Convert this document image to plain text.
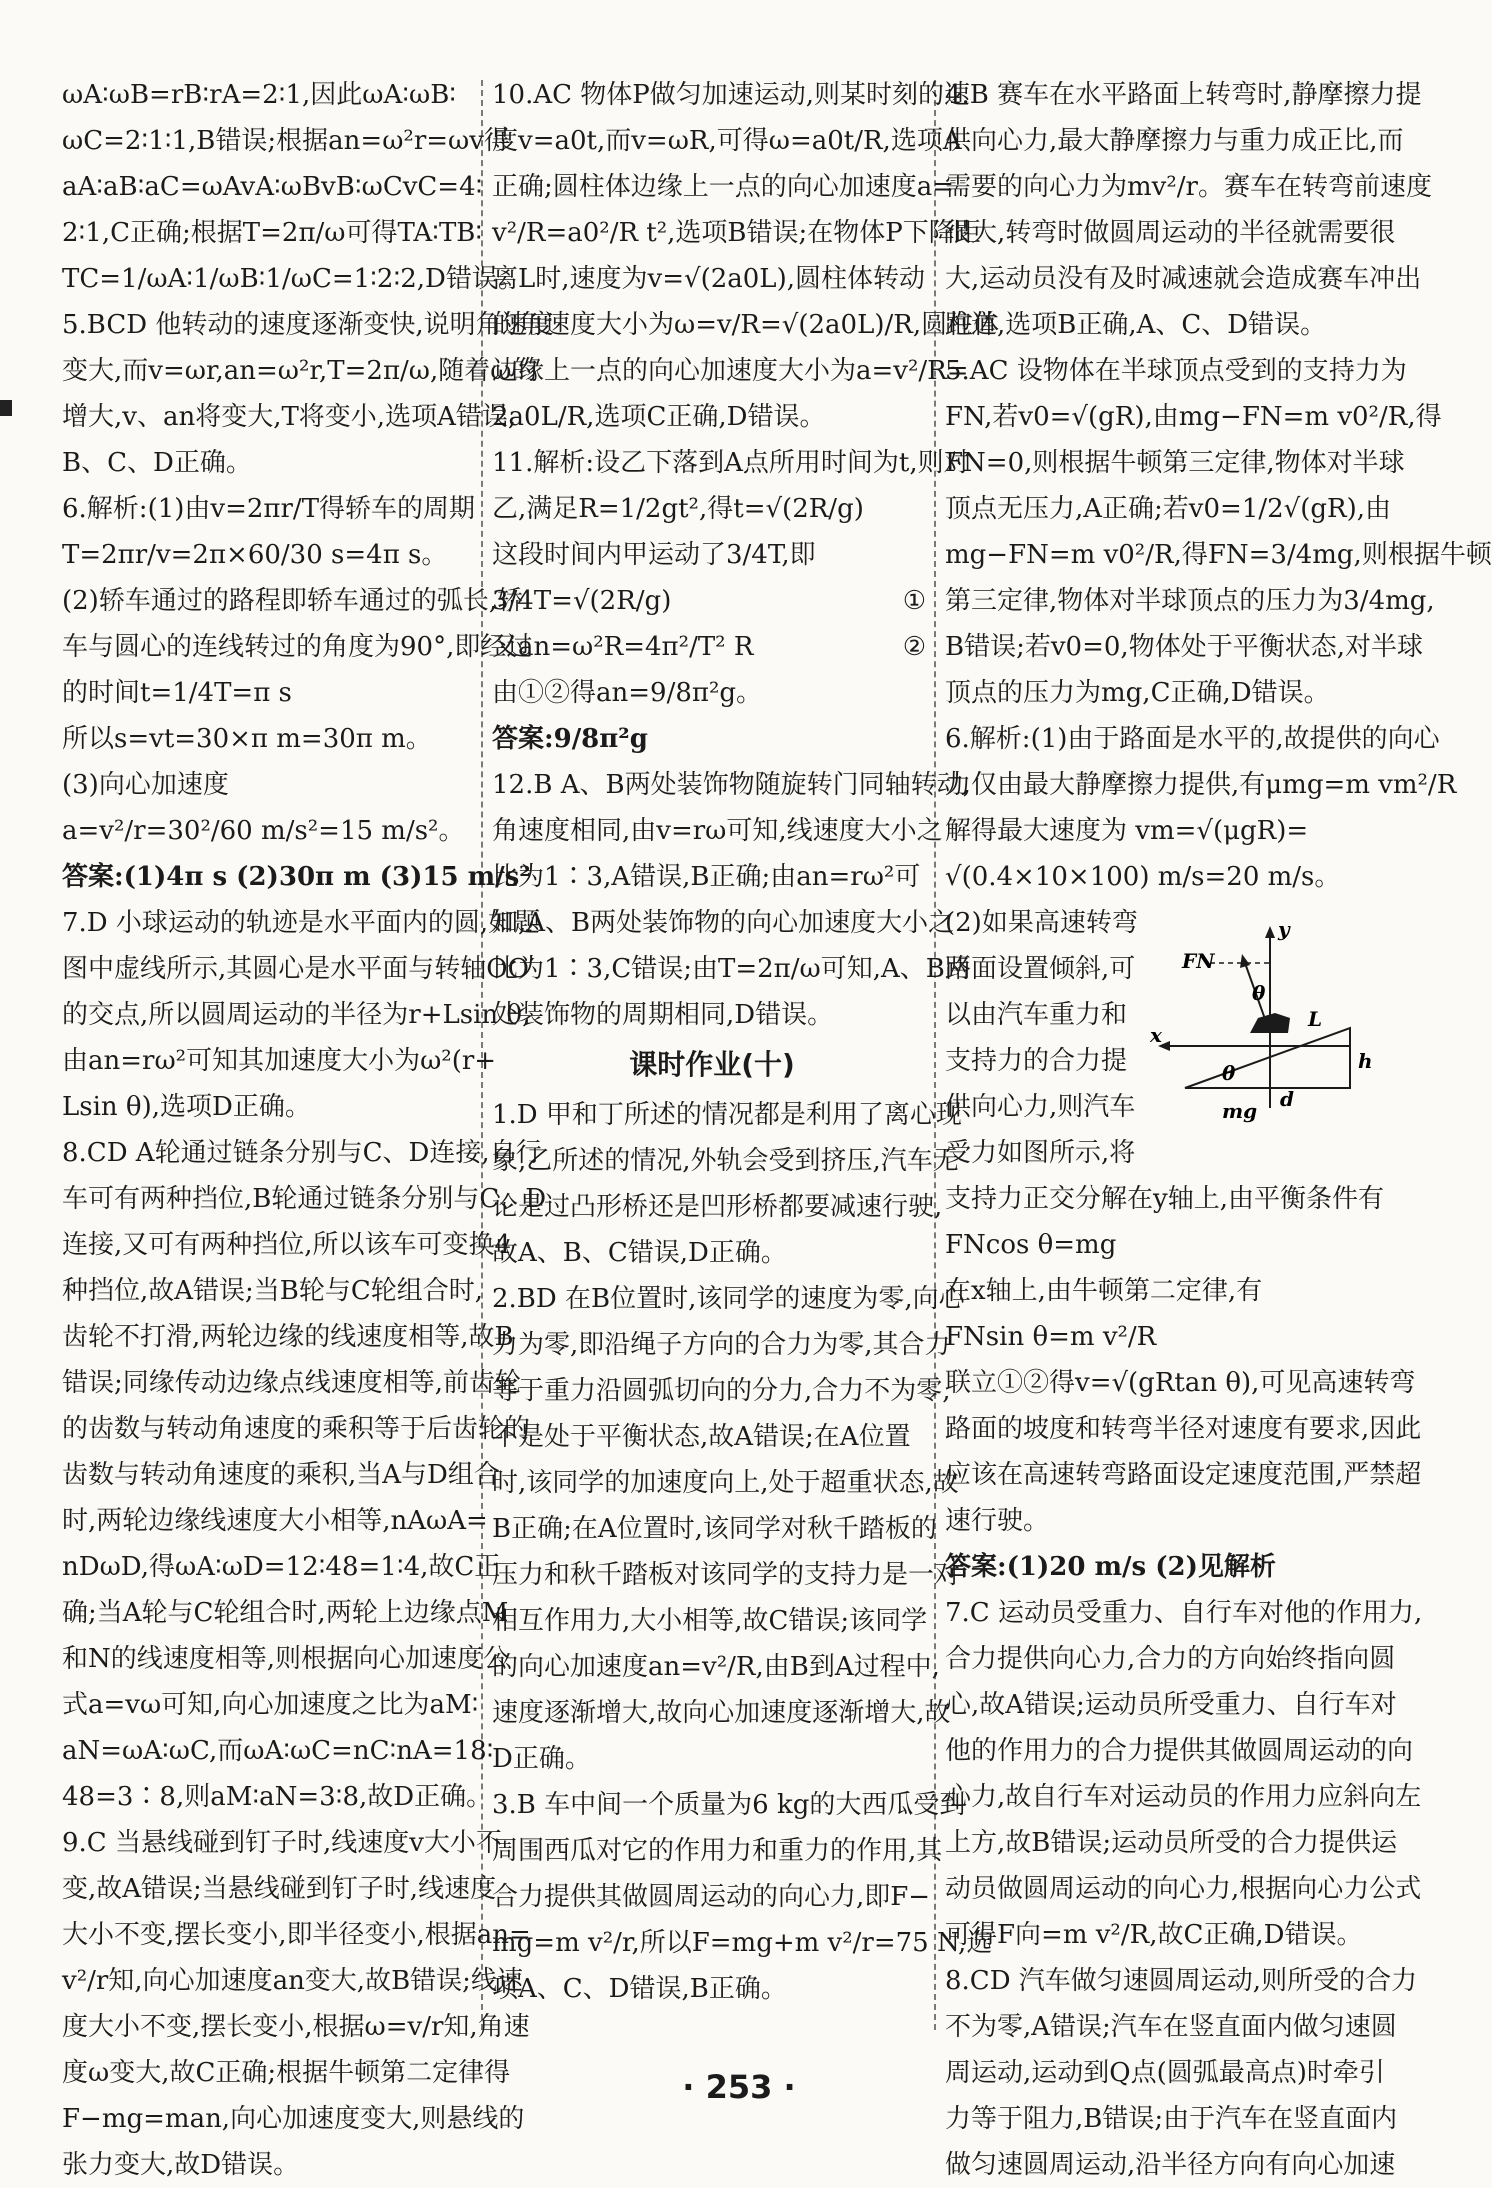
ωA∶ωB=rB∶rA=2∶1,因此ωA∶ωB∶
ωC=2∶1∶1,B错误;根据an=ω²r=ωv得
aA∶aB∶aC=ωAvA∶ωBvB∶ωCvC=4∶
2∶1,C正确;根据T=2π/ω可得TA∶TB∶
TC=1/ωA∶1/ωB∶1/ωC=1∶2∶2,D错误。
5.BCD 他转动的速度逐渐变快,说明角速度
变大,而v=ωr,an=ω²r,T=2π/ω,随着ω的
增大,v、an将变大,T将变小,选项A错误,
B、C、D正确。
6.解析:(1)由v=2πr/T得轿车的周期
T=2πr/v=2π×60/30 s=4π s。
(2)轿车通过的路程即轿车通过的弧长,轿
车与圆心的连线转过的角度为90°,即经过
的时间t=1/4T=π s
所以s=vt=30×π m=30π m。
(3)向心加速度
a=v²/r=30²/60 m/s²=15 m/s²。
答案:(1)4π s (2)30π m (3)15 m/s²
7.D 小球运动的轨迹是水平面内的圆,如题
图中虚线所示,其圆心是水平面与转轴OO′
的交点,所以圆周运动的半径为r+Lsin θ,
由an=rω²可知其加速度大小为ω²(r+
Lsin θ),选项D正确。
8.CD A轮通过链条分别与C、D连接,自行
车可有两种挡位,B轮通过链条分别与C、D
连接,又可有两种挡位,所以该车可变换4
种挡位,故A错误;当B轮与C轮组合时,
齿轮不打滑,两轮边缘的线速度相等,故B
错误;同缘传动边缘点线速度相等,前齿轮
的齿数与转动角速度的乘积等于后齿轮的
齿数与转动角速度的乘积,当A与D组合
时,两轮边缘线速度大小相等,nAωA=
nDωD,得ωA∶ωD=12∶48=1∶4,故C正
确;当A轮与C轮组合时,两轮上边缘点M
和N的线速度相等,则根据向心加速度公
式a=vω可知,向心加速度之比为aM∶
aN=ωA∶ωC,而ωA∶ωC=nC∶nA=18∶
48=3∶8,则aM∶aN=3∶8,故D正确。
9.C 当悬线碰到钉子时,线速度v大小不
变,故A错误;当悬线碰到钉子时,线速度
大小不变,摆长变小,即半径变小,根据an=
v²/r知,向心加速度an变大,故B错误;线速
度大小不变,摆长变小,根据ω=v/r知,角速
度ω变大,故C正确;根据牛顿第二定律得
F−mg=man,向心加速度变大,则悬线的
张力变大,故D错误。
10.AC 物体P做匀加速运动,则某时刻的速
度v=a0t,而v=ωR,可得ω=a0t/R,选项A
正确;圆柱体边缘上一点的向心加速度a=
v²/R=a0²/R t²,选项B错误;在物体P下降距
离L时,速度为v=√(2a0L),圆柱体转动
的角速度大小为ω=v/R=√(2a0L)/R,圆柱体
边缘上一点的向心加速度大小为a=v²/R=
2a0L/R,选项C正确,D错误。
11.解析:设乙下落到A点所用时间为t,则对
乙,满足R=1/2gt²,得t=√(2R/g)
这段时间内甲运动了3/4T,即
3/4T=√(2R/g)	①
又an=ω²R=4π²/T² R	②
由①②得an=9/8π²g。
答案:9/8π²g
12.B A、B两处装饰物随旋转门同轴转动,
角速度相同,由v=rω可知,线速度大小之
比为1∶3,A错误,B正确;由an=rω²可
知,A、B两处装饰物的向心加速度大小之
比为1∶3,C错误;由T=2π/ω可知,A、B两
处装饰物的周期相同,D错误。
课时作业(十)
1.D 甲和丁所述的情况都是利用了离心现
象,乙所述的情况,外轨会受到挤压,汽车无
论是过凸形桥还是凹形桥都要减速行驶,
故A、B、C错误,D正确。
2.BD 在B位置时,该同学的速度为零,向心
力为零,即沿绳子方向的合力为零,其合力
等于重力沿圆弧切向的分力,合力不为零,
不是处于平衡状态,故A错误;在A位置
时,该同学的加速度向上,处于超重状态,故
B正确;在A位置时,该同学对秋千踏板的
压力和秋千踏板对该同学的支持力是一对
相互作用力,大小相等,故C错误;该同学
的向心加速度an=v²/R,由B到A过程中,
速度逐渐增大,故向心加速度逐渐增大,故
D正确。
3.B 车中间一个质量为6 kg的大西瓜受到
周围西瓜对它的作用力和重力的作用,其
合力提供其做圆周运动的向心力,即F−
mg=m v²/r,所以F=mg+m v²/r=75 N,选
项A、C、D错误,B正确。
4.B 赛车在水平路面上转弯时,静摩擦力提
供向心力,最大静摩擦力与重力成正比,而
需要的向心力为mv²/r。赛车在转弯前速度
很大,转弯时做圆周运动的半径就需要很
大,运动员没有及时减速就会造成赛车冲出
跑道,选项B正确,A、C、D错误。
5.AC 设物体在半球顶点受到的支持力为
FN,若v0=√(gR),由mg−FN=m v0²/R,得
FN=0,则根据牛顿第三定律,物体对半球
顶点无压力,A正确;若v0=1/2√(gR),由
mg−FN=m v0²/R,得FN=3/4mg,则根据牛顿
第三定律,物体对半球顶点的压力为3/4mg,
B错误;若v0=0,物体处于平衡状态,对半球
顶点的压力为mg,C正确,D错误。
6.解析:(1)由于路面是水平的,故提供的向心
力仅由最大静摩擦力提供,有μmg=m vm²/R
解得最大速度为 vm=√(μgR)=
√(0.4×10×100) m/s=20 m/s。
(2)如果高速转弯
路面设置倾斜,可
以由汽车重力和
支持力的合力提
供向心力,则汽车
受力如图所示,将
支持力正交分解在y轴上,由平衡条件有
FNcos θ=mg
在x轴上,由牛顿第二定律,有
FNsin θ=m v²/R
联立①②得v=√(gRtan θ),可见高速转弯
路面的坡度和转弯半径对速度有要求,因此
应该在高速转弯路面设定速度范围,严禁超
速行驶。
答案:(1)20 m/s (2)见解析
7.C 运动员受重力、自行车对他的作用力,
合力提供向心力,合力的方向始终指向圆
心,故A错误;运动员所受重力、自行车对
他的作用力的合力提供其做圆周运动的向
心力,故自行车对运动员的作用力应斜向左
上方,故B错误;运动员所受的合力提供运
动员做圆周运动的向心力,根据向心力公式
可得F向=m v²/R,故C正确,D错误。
8.CD 汽车做匀速圆周运动,则所受的合力
不为零,A错误;汽车在竖直面内做匀速圆
周运动,运动到Q点(圆弧最高点)时牵引
力等于阻力,B错误;由于汽车在竖直面内
做匀速圆周运动,沿半径方向有向心加速
FN
y
θ
L
x
θ	h
mg d
· 253 ·
